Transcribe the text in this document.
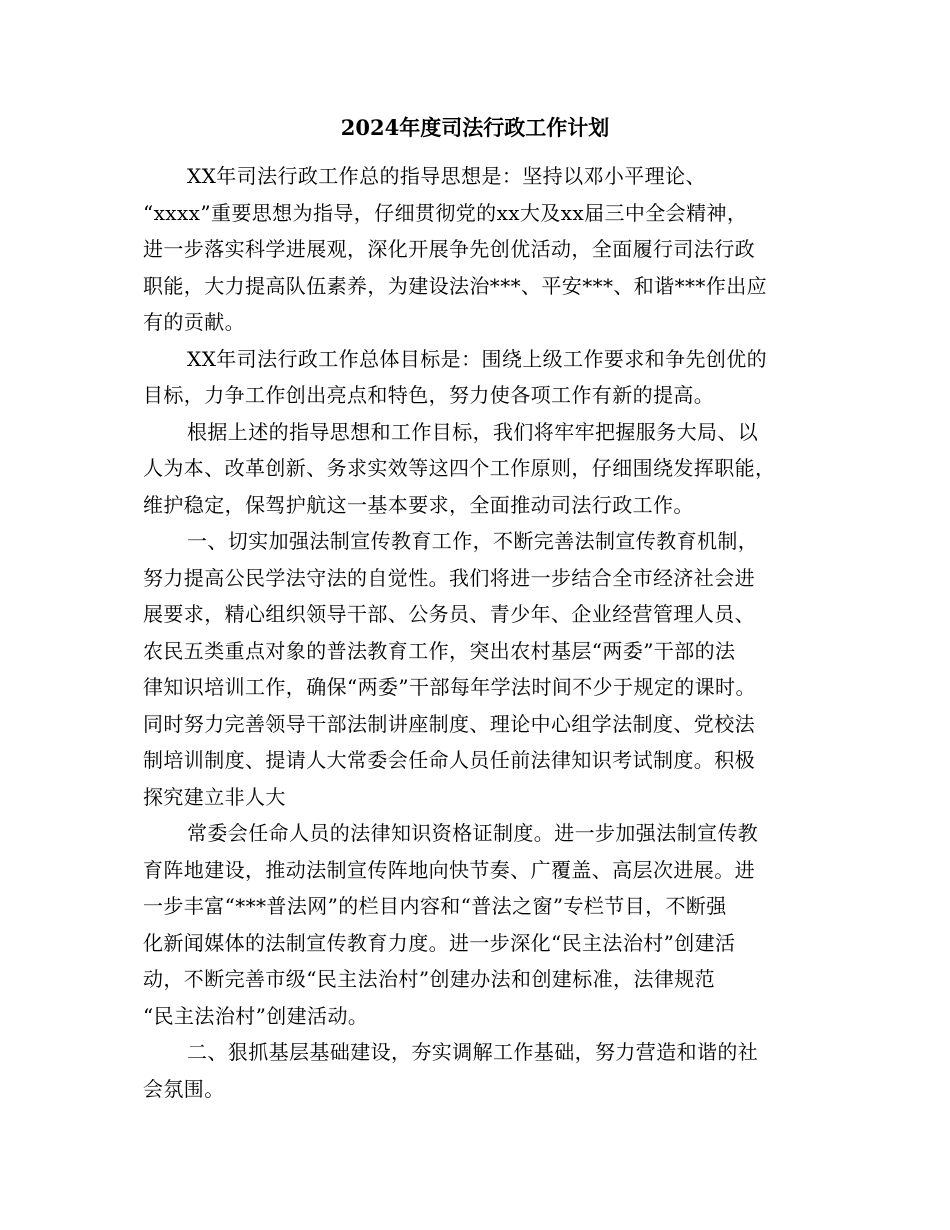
2024年度司法行政工作计划

XX年司法行政工作总的指导思想是：坚持以邓小平理论、
“xxxx”重要思想为指导，仔细贯彻党的xx大及xx届三中全会精神，
进一步落实科学进展观，深化开展争先创优活动，全面履行司法行政
职能，大力提高队伍素养，为建设法治***、平安***、和谐***作出应
有的贡献。

XX年司法行政工作总体目标是：围绕上级工作要求和争先创优的
目标，力争工作创出亮点和特色，努力使各项工作有新的提高。

根据上述的指导思想和工作目标，我们将牢牢把握服务大局、以
人为本、改革创新、务求实效等这四个工作原则，仔细围绕发挥职能，
维护稳定，保驾护航这一基本要求，全面推动司法行政工作。

一、切实加强法制宣传教育工作，不断完善法制宣传教育机制，
努力提高公民学法守法的自觉性。我们将进一步结合全市经济社会进
展要求，精心组织领导干部、公务员、青少年、企业经营管理人员、
农民五类重点对象的普法教育工作，突出农村基层“两委”干部的法
律知识培训工作，确保“两委”干部每年学法时间不少于规定的课时。
同时努力完善领导干部法制讲座制度、理论中心组学法制度、党校法
制培训制度、提请人大常委会任命人员任前法律知识考试制度。积极
探究建立非人大

常委会任命人员的法律知识资格证制度。进一步加强法制宣传教
育阵地建设，推动法制宣传阵地向快节奏、广覆盖、高层次进展。进
一步丰富“***普法网”的栏目内容和“普法之窗”专栏节目，不断强
化新闻媒体的法制宣传教育力度。进一步深化“民主法治村”创建活
动，不断完善市级“民主法治村”创建办法和创建标准，法律规范
“民主法治村”创建活动。

二、狠抓基层基础建设，夯实调解工作基础，努力营造和谐的社
会氛围。
